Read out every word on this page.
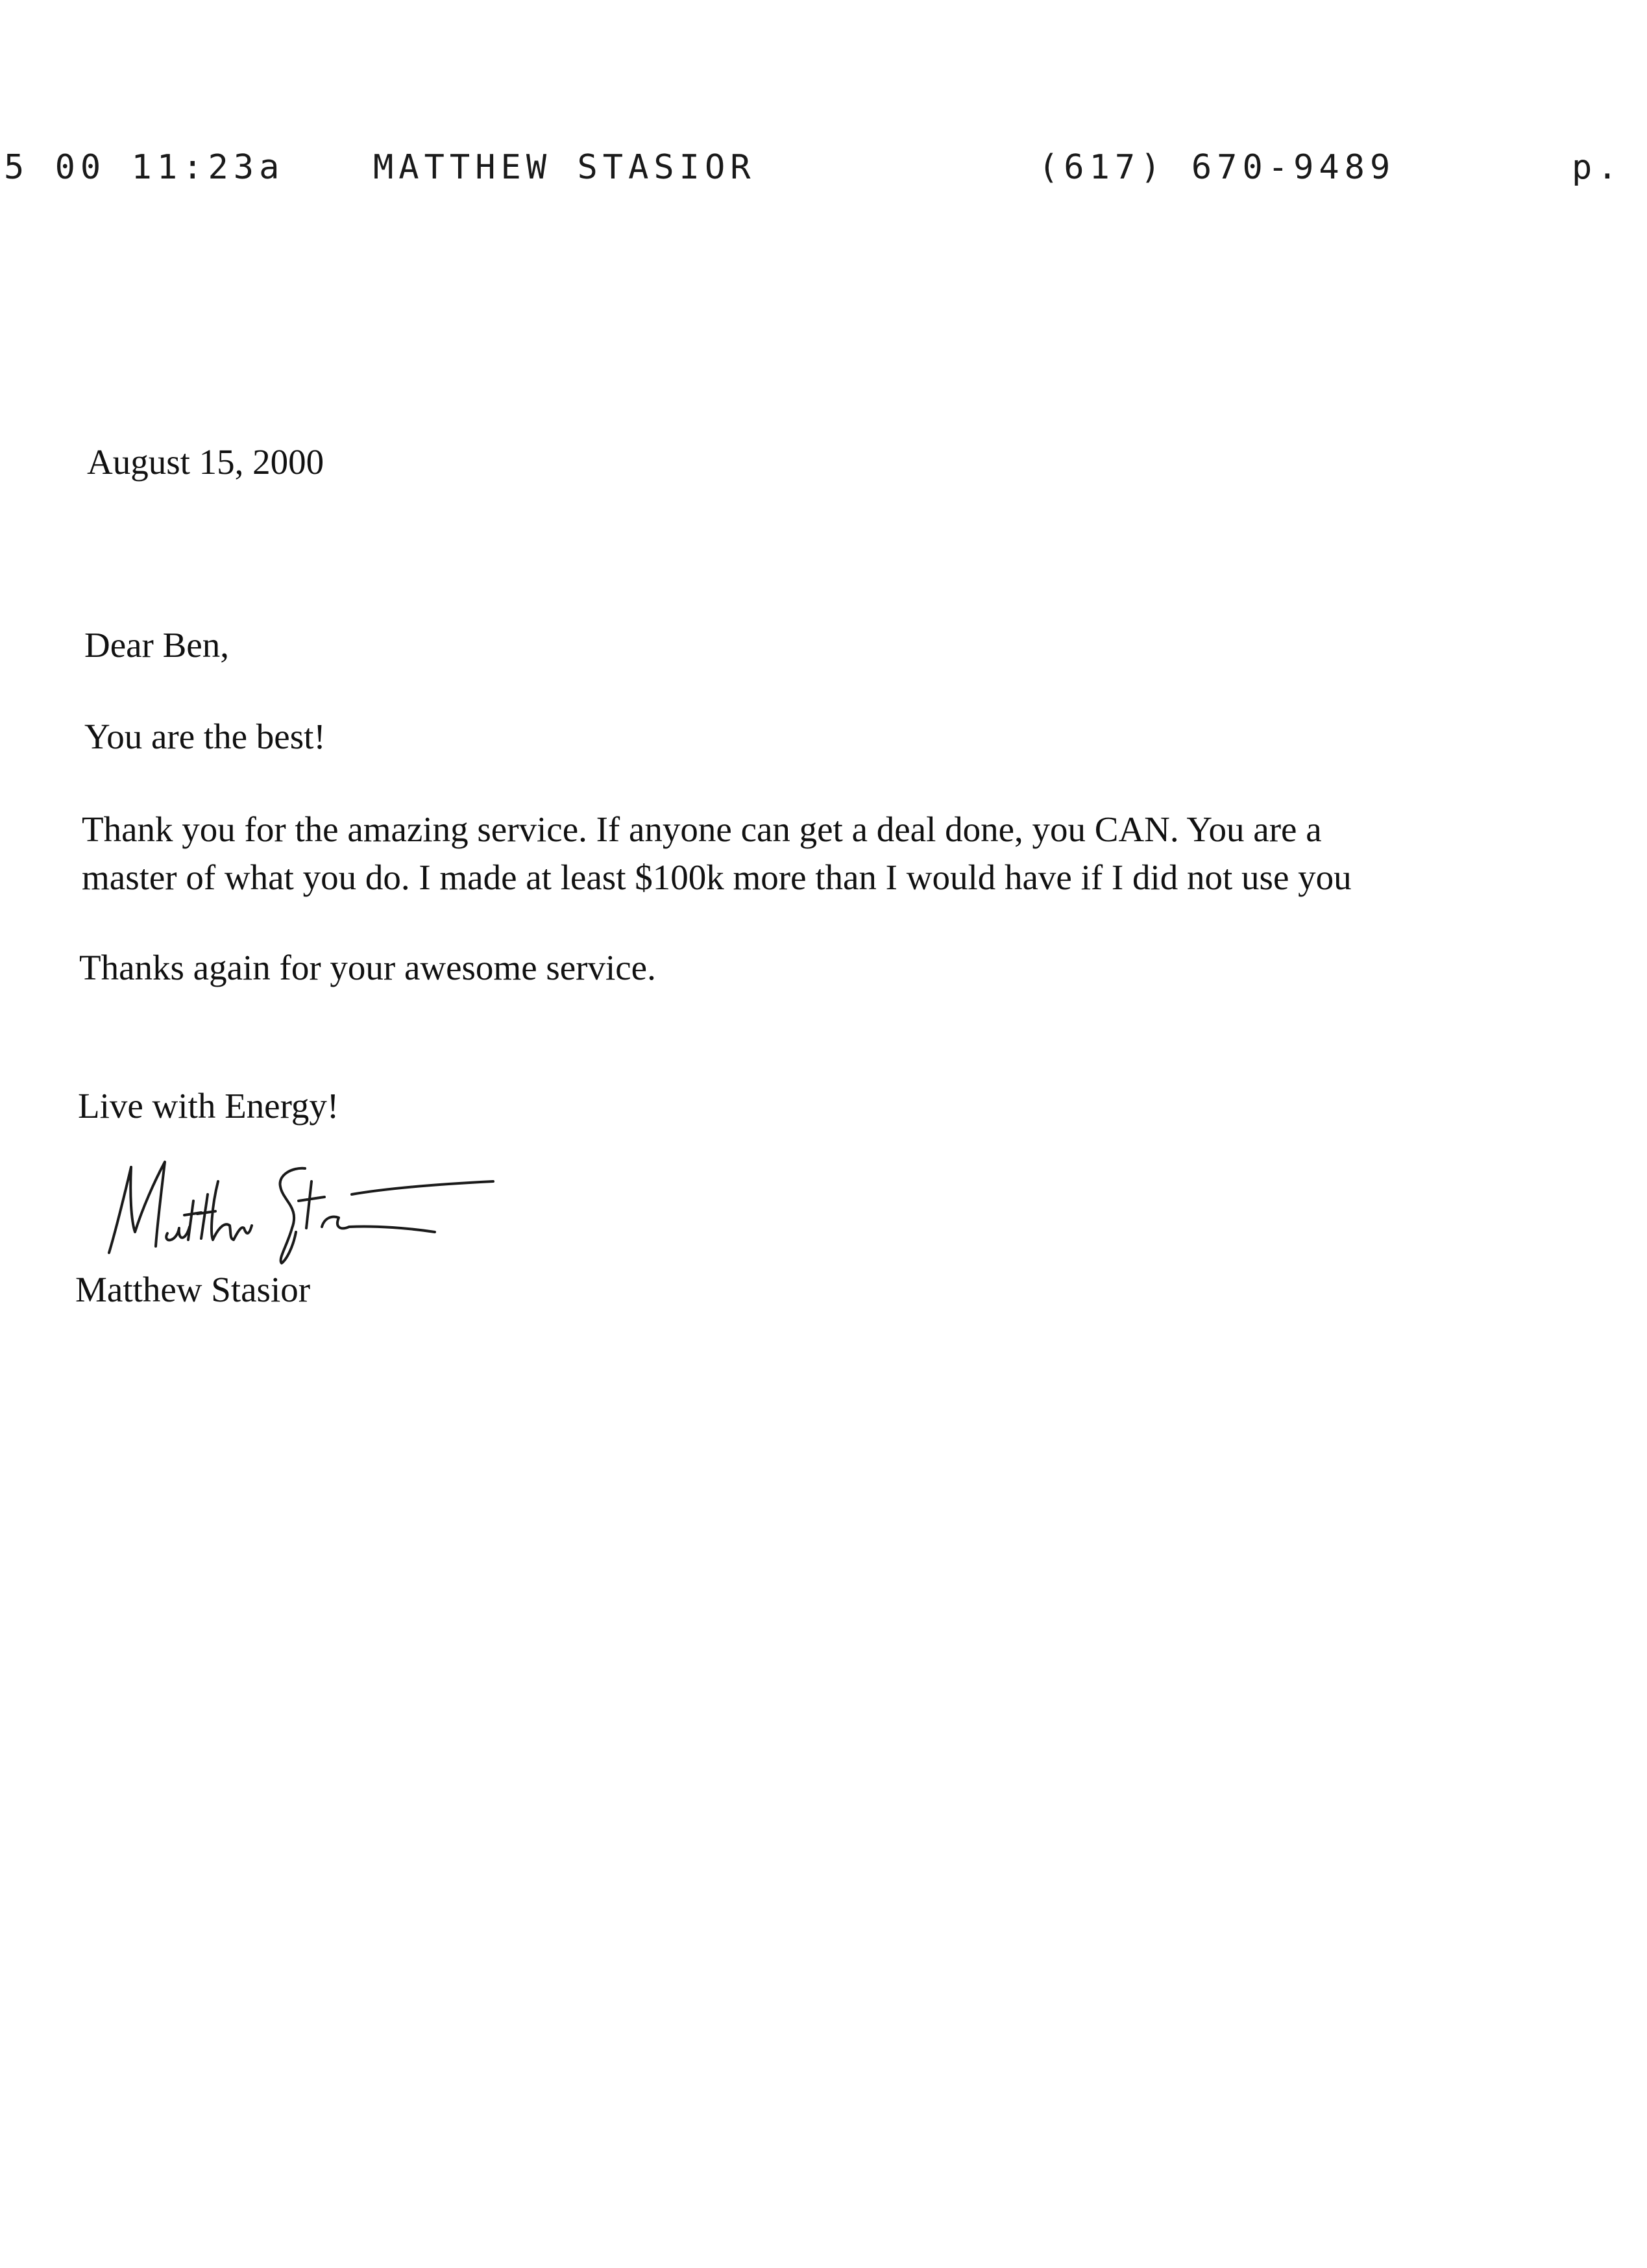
5 00 11:23a	MATTHEW STASIOR	(617) 670-9489	p.
August 15, 2000
Dear Ben,
You are the best!
Thank you for the amazing service. If anyone can get a deal done, you CAN. You are a
master of what you do. I made at least $100k more than I would have if I did not use you
Thanks again for your awesome service.
Live with Energy!
Matthew Stasior
